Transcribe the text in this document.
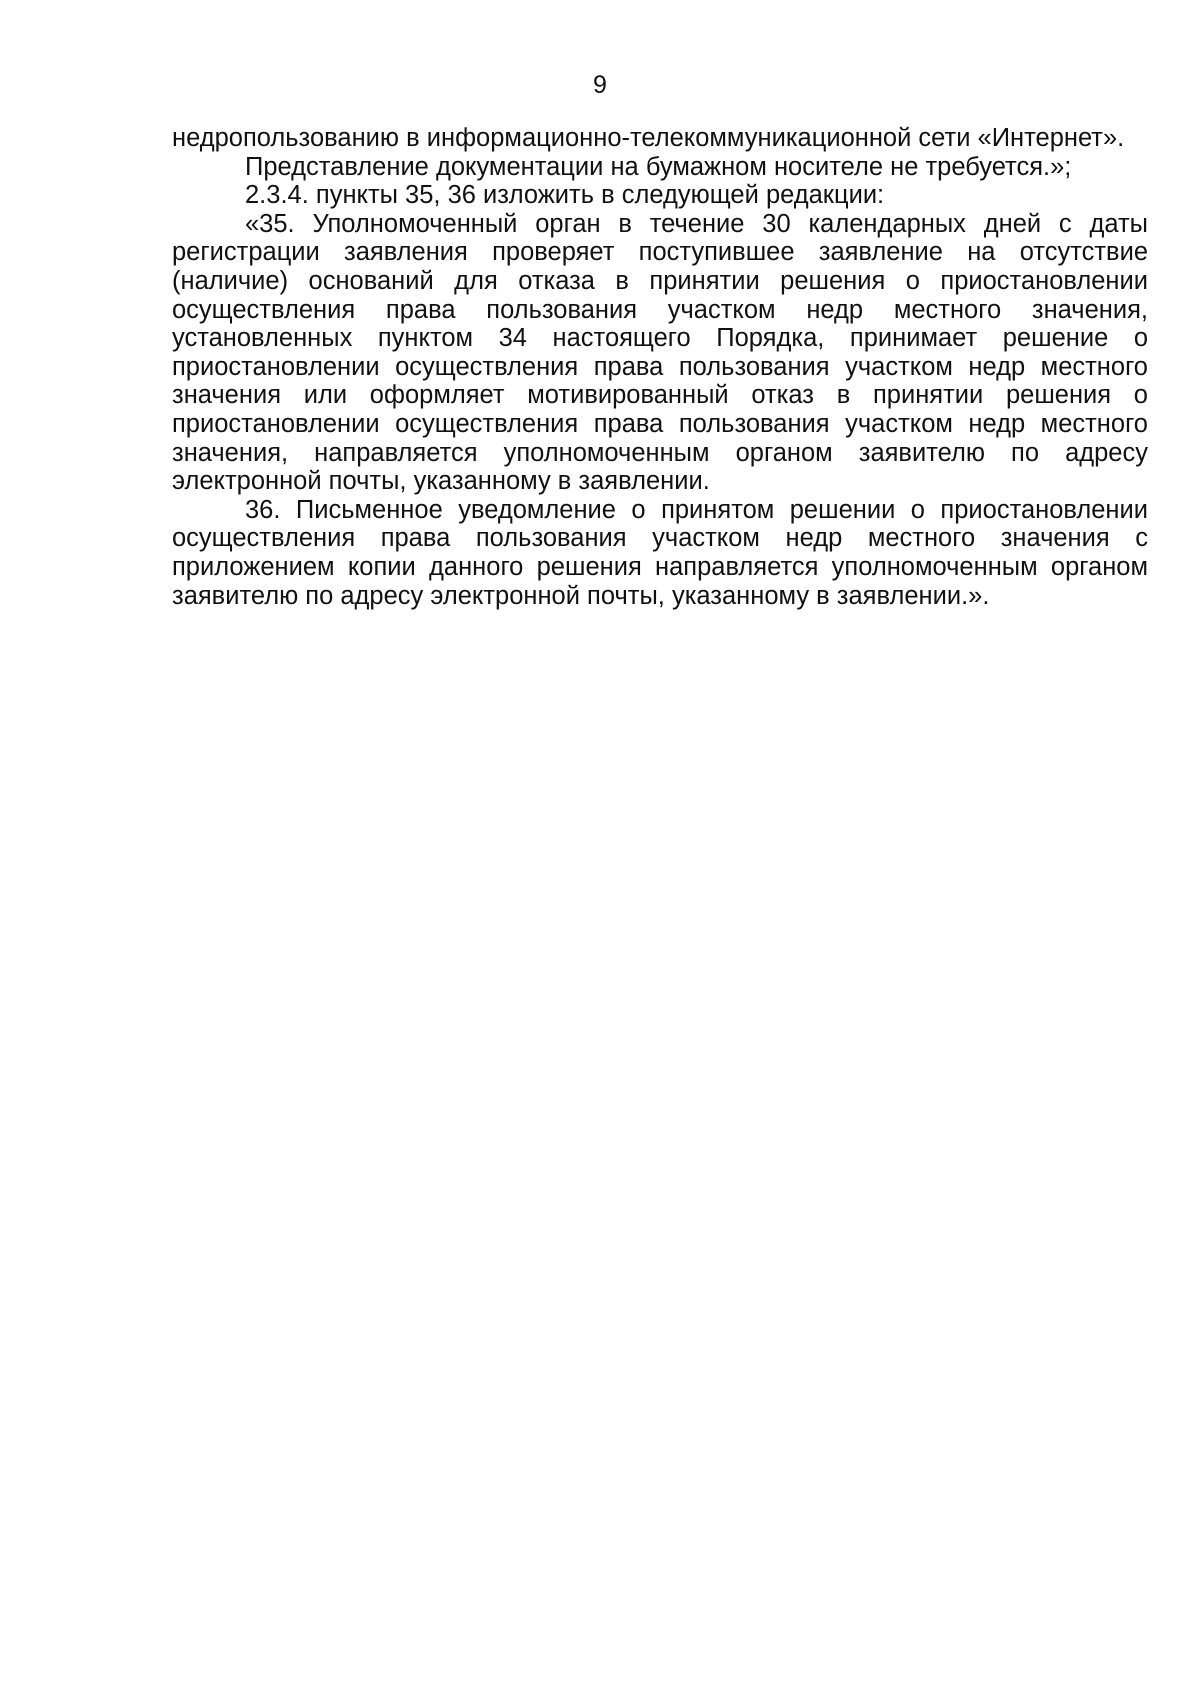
9

недропользованию в информационно-телекоммуникационной сети «Интернет».

Представление документации на бумажном носителе не требуется.»;

2.3.4. пункты 35, 36 изложить в следующей редакции:

«35. Уполномоченный орган в течение 30 календарных дней с даты регистрации заявления проверяет поступившее заявление на отсутствие (наличие) оснований для отказа в принятии решения о приостановлении осуществления права пользования участком недр местного значения, установленных пунктом 34 настоящего Порядка, принимает решение о приостановлении осуществления права пользования участком недр местного значения или оформляет мотивированный отказ в принятии решения о приостановлении осуществления права пользования участком недр местного значения, направляется уполномоченным органом заявителю по адресу электронной почты, указанному в заявлении.

36. Письменное уведомление о принятом решении о приостановлении осуществления права пользования участком недр местного значения с приложением копии данного решения направляется уполномоченным органом заявителю по адресу электронной почты, указанному в заявлении.».
